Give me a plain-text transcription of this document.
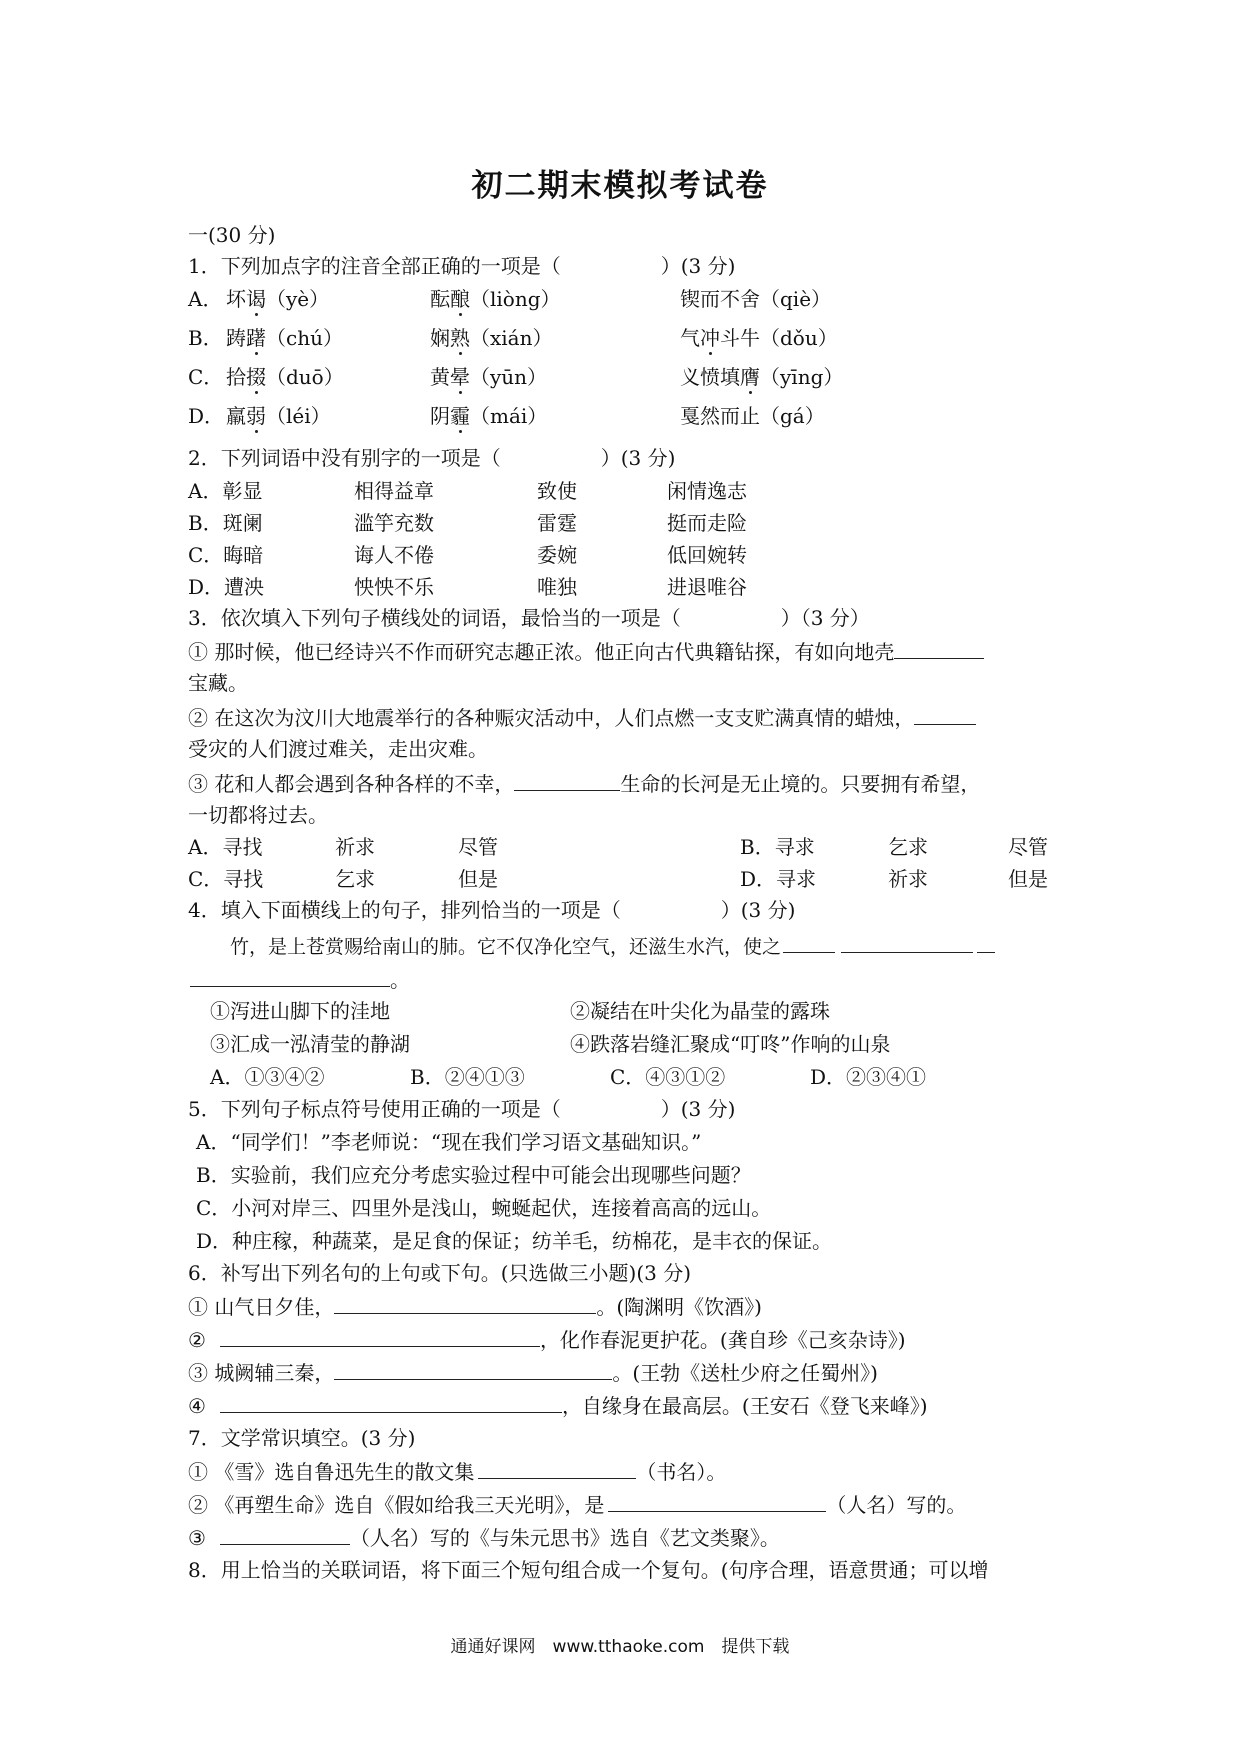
初二期末模拟考试卷
一(30 分)
1．下列加点字的注音全部正确的一项是（　　　　　）(3 分)
A． 坏谒（yè）	酝酿（liòng）	锲而不舍（qiè）
B． 踌躇（chú）	娴熟（xián）	气冲斗牛（dǒu）
C． 拾掇（duō）	黄晕（yūn）	义愤填膺（yīng）
D． 羸弱（léi）	阴霾（mái）	戛然而止（gá）
2．下列词语中没有别字的一项是（　　　　　）(3 分)
A．彰显	相得益章	致使	闲情逸志
B．斑阑	滥竽充数	雷霆	挺而走险
C．晦暗	诲人不倦	委婉	低回婉转
D．遭泱	怏怏不乐	唯独	进退唯谷
3．依次填入下列句子横线处的词语，最恰当的一项是（　　　　　）（3 分）
① 那时候，他已经诗兴不作而研究志趣正浓。他正向古代典籍钻探，有如向地壳
宝藏。
② 在这次为汶川大地震举行的各种赈灾活动中，人们点燃一支支贮满真情的蜡烛，
受灾的人们渡过难关，走出灾难。
③ 花和人都会遇到各种各样的不幸，	生命的长河是无止境的。只要拥有希望，
一切都将过去。
A．寻找	祈求	尽管	B．寻求	乞求	尽管
C．寻找	乞求	但是	D．寻求	祈求	但是
4．填入下面横线上的句子，排列恰当的一项是（　　　　　）(3 分)
竹，是上苍赏赐给南山的肺。它不仅净化空气，还滋生水汽，使之
。
①泻进山脚下的洼地	②凝结在叶尖化为晶莹的露珠
③汇成一泓清莹的静湖	④跌落岩缝汇聚成“叮咚”作响的山泉
A．①③④②	B．②④①③	C．④③①②	D．②③④①
5．下列句子标点符号使用正确的一项是（　　　　　）(3 分)
A．“同学们！”李老师说：“现在我们学习语文基础知识。”
B．实验前，我们应充分考虑实验过程中可能会出现哪些问题？
C．小河对岸三、四里外是浅山，蜿蜒起伏，连接着高高的远山。
D．种庄稼，种蔬菜，是足食的保证；纺羊毛，纺棉花，是丰衣的保证。
6．补写出下列名句的上句或下句。(只选做三小题)(3 分)
① 山气日夕佳，	。(陶渊明《饮酒》)
②	，化作春泥更护花。(龚自珍《己亥杂诗》)
③ 城阙辅三秦，	。(王勃《送杜少府之任蜀州》)
④	，自缘身在最高层。(王安石《登飞来峰》)
7．文学常识填空。(3 分)
① 《雪》选自鲁迅先生的散文集	（书名）。
② 《再塑生命》选自《假如给我三天光明》，是	（人名）写的。
③	（人名）写的《与朱元思书》选自《艺文类聚》。
8．用上恰当的关联词语，将下面三个短句组合成一个复句。(句序合理，语意贯通；可以增
通通好课网　www.tthaoke.com　提供下载
